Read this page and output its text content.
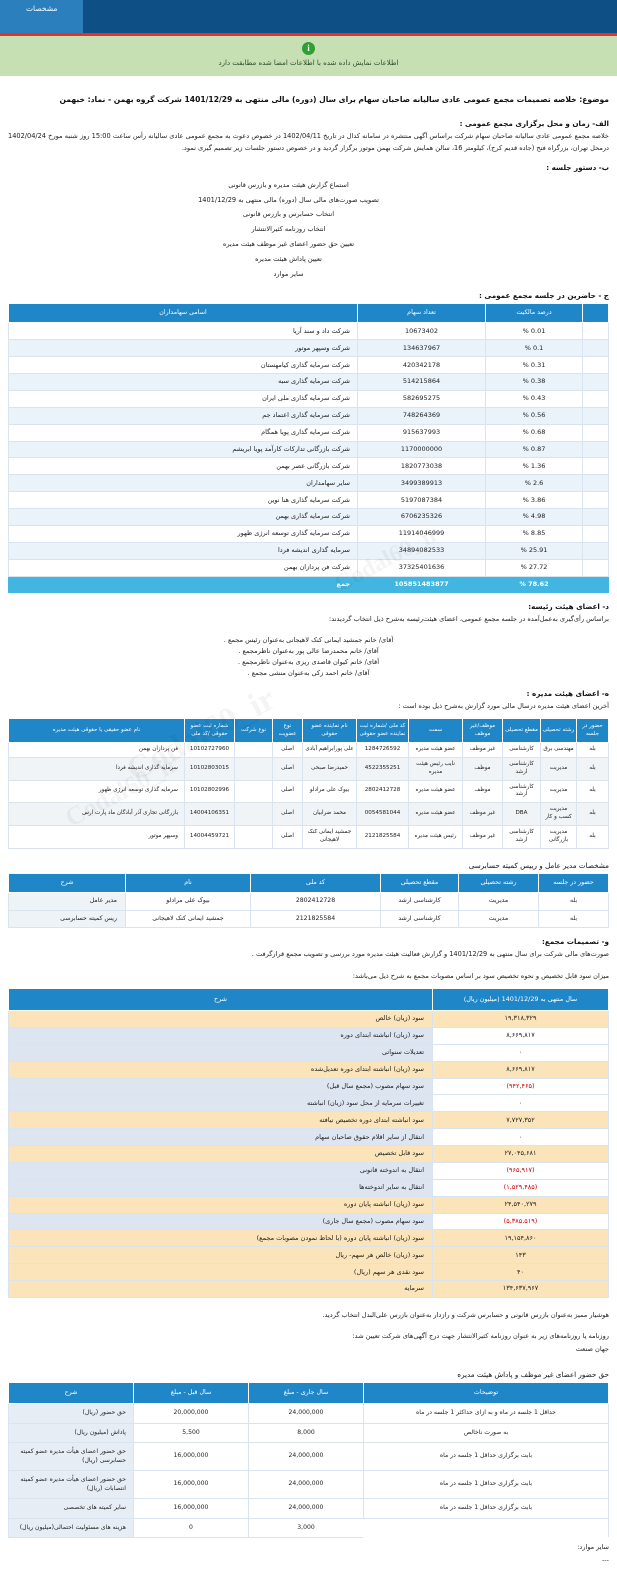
مشخصات
i
اطلاعات نمایش داده شده با اطلاعات امضا شده مطابقت دارد
موضوع: خلاصه تصمیمات مجمع عمومی عادی سالیانه صاحبان سهام برای سال (دوره) مالی منتهی به 1401/12/29 شرکت گروه بهمن - نماد: خبهمن
الف- زمان و محل برگزاری مجمع عمومی :
خلاصه مجمع عمومی عادی سالیانه صاحبان سهام شرکت براساس آگهی منتشره در سامانه کدال در تاریخ 1402/04/11 در خصوص دعوت به مجمع عمومی عادی سالیانه رأس ساعت 15:00 روز شنبه مورخ 1402/04/24 درمحل تهران، بزرگراه فتح (جاده قدیم کرج)، کیلومتر 16، سالن همایش شرکت بهمن موتور برگزار گردید و در خصوص دستور جلسات زیر تصمیم گیری نمود.
ب- دستور جلسه :
استماع گزارش هیئت مدیره و بازرس قانونی
تصویب صورت‌های مالی سال (دوره) مالی منتهی به 1401/12/29
انتخاب حسابرس و بازرس قانونی
انتخاب روزنامه کثیرالانتشار
تعیین حق حضور اعضای غیر موظف هیئت مدیره
تعیین پاداش هیئت مدیره
سایر موارد
ج - حاضرین در جلسه مجمع عمومی :
	درصد مالکیت	تعداد سهام	اسامی سهامداران
	0.01 %	10673402	شرکت داد و سند آریا
	0.1 %	134637967	شرکت وسپهر موتور
	0.31 %	420342178	شرکت سرمایه گذاری کیامهستان
	0.38 %	514215864	شرکت سرمایه گذاری سبه
	0.43 %	582695275	شرکت سرمایه گذاری ملی ایران
	0.56 %	748264369	شرکت سرمایه گذاری اعتماد جم
	0.68 %	915637993	شرکت سرمایه گذاری پویا همگام
	0.87 %	1170000000	شرکت بازرگانی تدارکات کارآمد پویا ابریشم
	1.36 %	1820773038	شرکت بازرگانی عصر بهمن
	2.6 %	3499389913	سایر سهامداران
	3.86 %	5197087384	شرکت سرمایه گذاری هنا نوین
	4.98 %	6706235326	شرکت سرمایه گذاری بهمن
	8.85 %	11914046999	شرکت سرمایه گذاری توسعه انرژی ظهور
	25.91 %	34894082533	سرمایه گذاری اندیشه فردا
	27.72 %	37325401636	شرکت فن پردازان بهمن
	78.62 %	105851483877	جمع
د- اعضای هیئت رئیسه:
براساس رأی‌گیری به‌عمل‌آمده در جلسه مجمع عمومی، اعضای هیئت‌رئیسه به‌شرح ذیل انتخاب گردیدند:
آقای/ خانم جمشید ایمانی کنک لاهیجانی به‌عنوان رئیس مجمع .
آقای/ خانم محمدرضا عالی پور به‌عنوان ناظرمجمع .
آقای/ خانم کیوان قاصدی ریزی به‌عنوان ناظرمجمع .
آقای/ خانم احمد زکی به‌عنوان منشی مجمع .
ه- اعضای هیئت مدیره :
آخرین اعضای هیئت مدیره درسال مالی مورد گزارش به‌شرح ذیل بوده است :
حضور در جلسه	رشته تحصیلی	مقطع تحصیلی	موظف/غیر موظف	سمت	کد ملی /شماره ثبت نماینده عضو حقوقی	نام نماینده عضو حقوقی	نوع عضویت	نوع شرکت	شماره ثبت عضو حقوقی /کد ملی	نام عضو حقیقی یا حقوقی هیئت مدیره
بله	مهندسی برق	کارشناسی	غیر موظف	عضو هیئت مدیره	1284726592	علی پورابراهیم آبادی	اصلی		10102727960	فن پردازان بهمن
بله	مدیریت	کارشناسی ارشد	موظف	نایب رئیس هیئت مدیره	4522355251	حمیدرضا صبحی	اصلی		10102803015	سرمایه گذاری اندیشه فردا
بله	مدیریت	کارشناسی ارشد	موظف	عضو هیئت مدیره	2802412728	بیوک علی مرادلو	اصلی		10102802996	سرمایه گذاری توسعه انرژی ظهور
بله	مدیریت کسب و کار	DBA	غیر موظف	عضو هیئت مدیره	0054581044	محمد ضرابیان	اصلی		14004106351	بازرگانی تجاری آذر آبادگان ماد پارت ارس
بله	مدیریت بازرگانی	کارشناسی ارشد	غیر موظف	رئیس هیئت مدیره	2121825584	جمشید ایمانی کنک لاهیجانی	اصلی		14004459721	وسپهر موتور
مشخصات مدیر عامل و رییس کمیته حسابرسی
حضور در جلسه	رشته تحصیلی	مقطع تحصیلی	کد ملی	نام	شرح
بله	مدیریت	کارشناسی ارشد	2802412728	بیوک علی مرادلو	مدیر عامل
بله	مدیریت	کارشناسی ارشد	2121825584	جمشید ایمانی کنک لاهیجانی	ریس کمیته حسابرسی
و- تصمیمات مجمع:
صورت‌های مالی شرکت برای سال منتهی به 1401/12/29 و گزارش فعالیت هیئت مدیره مورد بررسی و تصویب مجمع قرارگرفت .
میزان سود قابل تخصیص و نحوه تخصیص سود بر اساس مصوبات مجمع به شرح ذیل می‌باشد:
سال منتهی به 1401/12/29 (میلیون ریال)	شرح
۱۹,۳۱۸,۳۲۹	سود (زیان) خالص
۸,۶۶۹,۸۱۷	سود (زیان) انباشته ابتدای دوره
۰	تعدیلات سنواتی
۸,۶۶۹,۸۱۷	سود (زیان) انباشته ابتدای دوره تعدیل‌شده
(۹۴۲,۴۶۵)	سود سهام مصوب (مجمع سال قبل)
۰	تغییرات سرمایه از محل سود (زیان) انباشته
۷,۷۲۷,۳۵۲	سود انباشته ابتدای دوره تخصیص نیافته
۰	انتقال از سایر اقلام حقوق صاحبان سهام
۲۷,۰۴۵,۶۸۱	سود قابل تخصیص
(۹۶۵,۹۱۷)	انتقال به اندوخته قانونی
(۱,۵۲۹,۴۸۵)	انتقال به سایر اندوخته‌ها
۲۴,۵۴۰,۲۷۹	سود (زیان) انباشته پایان دوره
(۵,۳۸۵,۵۱۹)	سود سهام مصوب (مجمع سال جاری)
۱۹,۱۵۴,۸۶۰	سود (زیان) انباشته پایان دوره (با لحاظ نمودن مصوبات مجمع)
۱۴۳	سود (زیان) خالص هر سهم- ریال
۴۰	سود نقدی هر سهم (ریال)
۱۳۴,۶۳۷,۹۶۷	سرمایه
هوشیار ممیز به‌عنوان بازرس قانونی و حسابرس شرکت و رازدار به‌عنوان بازرس علی‌البدل انتخاب گردید.
روزنامه یا روزنامه‌های زیر به عنوان روزنامه کثیرالانتشار جهت درج آگهی‌های شرکت تعیین شد:
جهان صنعت
حق حضور اعضای غیر موظف و پاداش هیئت مدیره
توضیحات	سال جاری - مبلغ	سال قبل - مبلغ	شرح
حداقل 1 جلسه در ماه و به ازای حداکثر 1 جلسه در ماه	24,000,000	20,000,000	حق حضور (ریال)
به صورت ناخالص	8,000	5,500	پاداش (میلیون ریال)
بابت برگزاری حداقل 1 جلسه در ماه	24,000,000	16,000,000	حق حضور اعضای هیأت مدیره عضو کمیته حسابرسی (ریال)
بابت برگزاری حداقل 1 جلسه در ماه	24,000,000	16,000,000	حق حضور اعضای هیأت مدیره عضو کمیته انتصابات (ریال)
بابت برگزاری حداقل 1 جلسه در ماه	24,000,000	16,000,000	سایر کمیته های تخصصی
	3,000	0	هزینه های مسئولیت احتمالی(میلیون ریال)
سایر موارد:
---
